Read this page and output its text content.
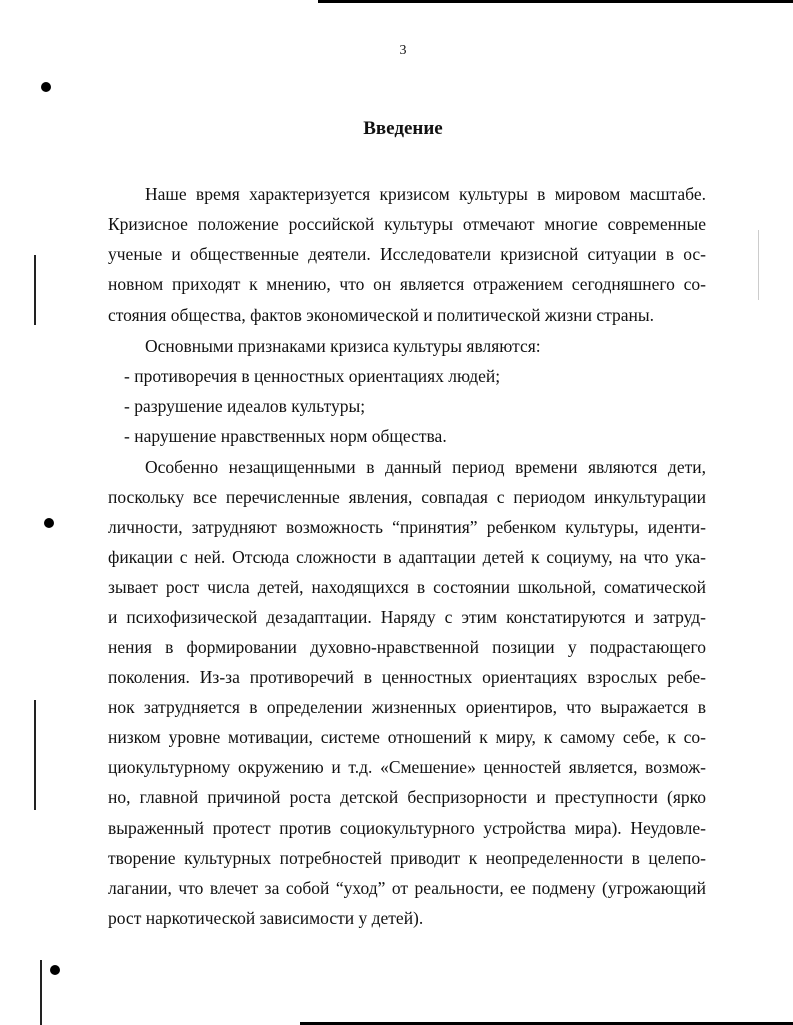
3
Введение
Наше время характеризуется кризисом культуры в мировом масштабе.
Кризисное положение российской культуры отмечают многие современные
ученые и общественные деятели. Исследователи кризисной ситуации в ос-
новном приходят к мнению, что он является отражением сегодняшнего со-
стояния общества, фактов экономической и политической жизни страны.
Основными признаками кризиса культуры являются:
- противоречия в ценностных ориентациях людей;
- разрушение идеалов культуры;
- нарушение нравственных норм общества.
Особенно незащищенными в данный период времени являются дети,
поскольку все перечисленные явления, совпадая с периодом инкультурации
личности, затрудняют возможность “принятия” ребенком культуры, иденти-
фикации с ней. Отсюда сложности в адаптации детей к социуму, на что ука-
зывает рост числа детей, находящихся в состоянии школьной, соматической
и психофизической дезадаптации. Наряду с этим констатируются и затруд-
нения в формировании духовно-нравственной позиции у подрастающего
поколения. Из-за противоречий в ценностных ориентациях взрослых ребе-
нок затрудняется в определении жизненных ориентиров, что выражается в
низком уровне мотивации, системе отношений к миру, к самому себе, к со-
циокультурному окружению и т.д. «Смешение» ценностей является, возмож-
но, главной причиной роста детской беспризорности и преступности (ярко
выраженный протест против социокультурного устройства мира). Неудовле-
творение культурных потребностей приводит к неопределенности в целепо-
лагании, что влечет за собой “уход” от реальности, ее подмену (угрожающий
рост наркотической зависимости у детей).
